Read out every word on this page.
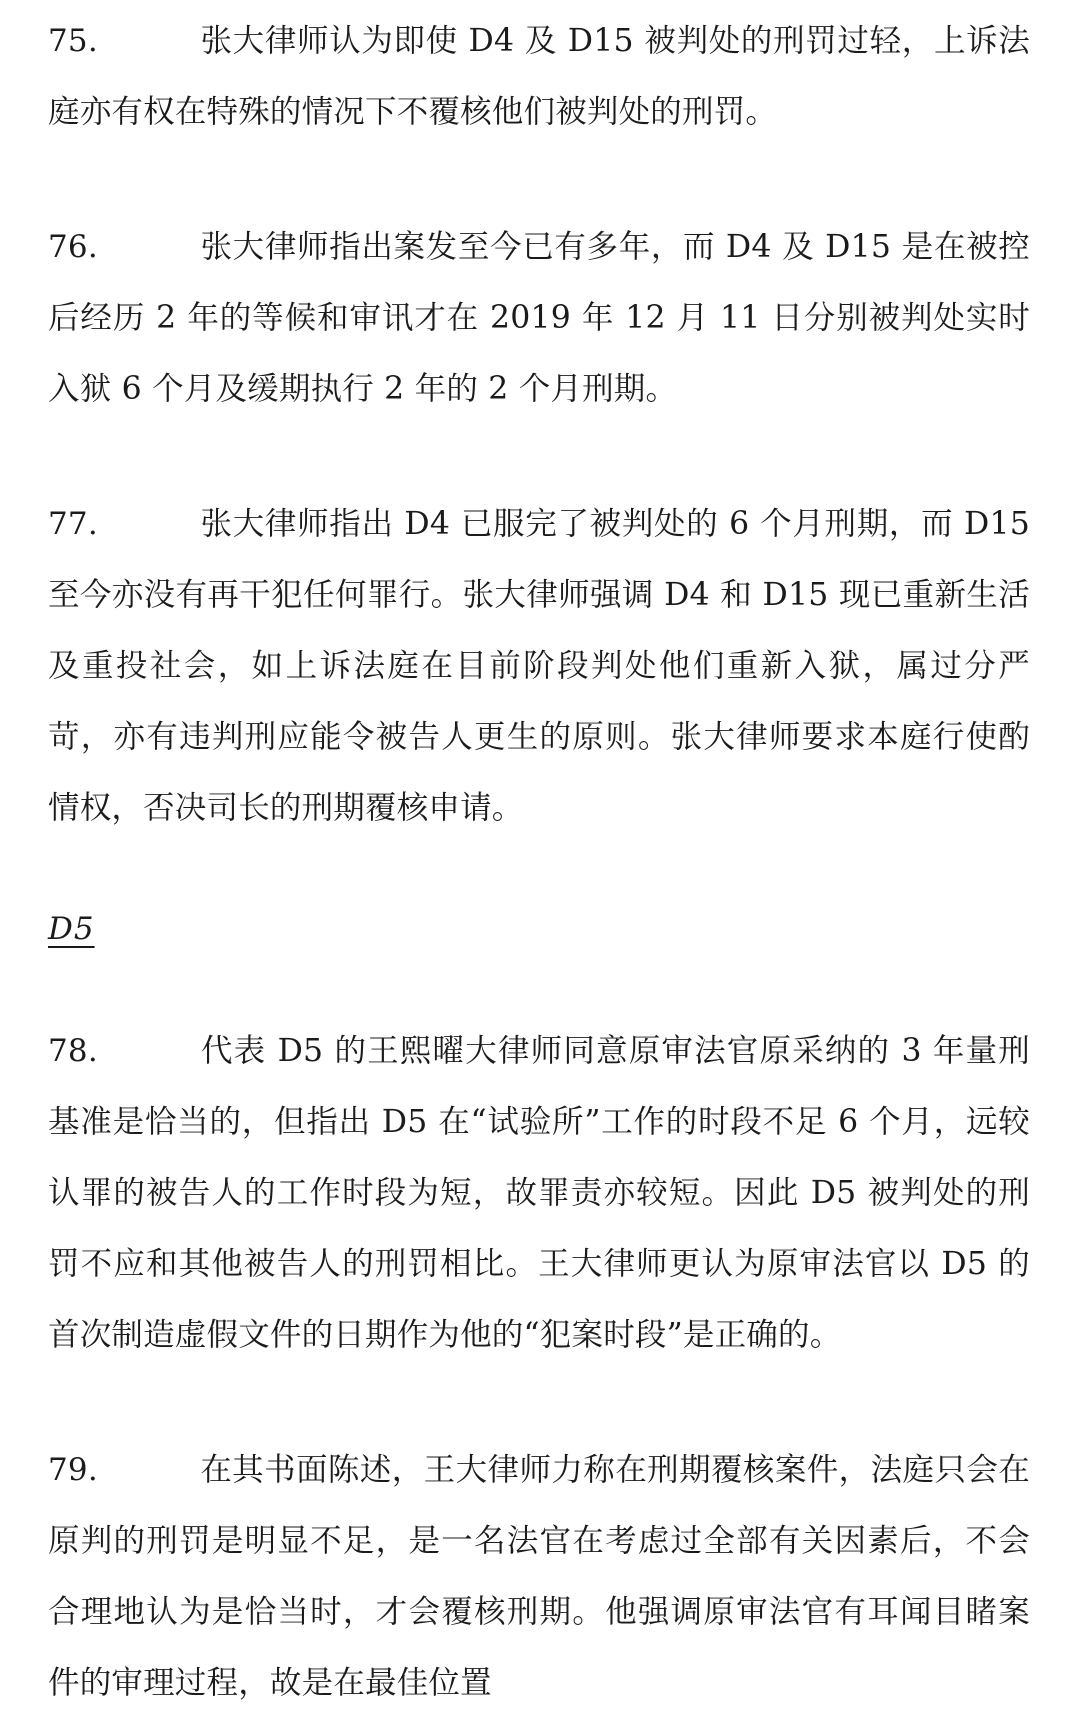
75.	张大律师认为即使 D4 及 D15 被判处的刑罚过轻，上诉法庭亦有权在特殊的情况下不覆核他们被判处的刑罚。

76.	张大律师指出案发至今已有多年，而 D4 及 D15 是在被控后经历 2 年的等候和审讯才在 2019 年 12 月 11 日分别被判处实时入狱 6 个月及缓期执行 2 年的 2 个月刑期。

77.	张大律师指出 D4 已服完了被判处的 6 个月刑期，而 D15 至今亦没有再干犯任何罪行。张大律师强调 D4 和 D15 现已重新生活及重投社会，如上诉法庭在目前阶段判处他们重新入狱，属过分严苛，亦有违判刑应能令被告人更生的原则。张大律师要求本庭行使酌情权，否决司长的刑期覆核申请。

D5

78.	代表 D5 的王熙曜大律师同意原审法官原采纳的 3 年量刑基准是恰当的，但指出 D5 在“试验所”工作的时段不足 6 个月，远较认罪的被告人的工作时段为短，故罪责亦较短。因此 D5 被判处的刑罚不应和其他被告人的刑罚相比。王大律师更认为原审法官以 D5 的首次制造虚假文件的日期作为他的“犯案时段”是正确的。

79.	在其书面陈述，王大律师力称在刑期覆核案件，法庭只会在原判的刑罚是明显不足，是一名法官在考虑过全部有关因素后，不会合理地认为是恰当时，才会覆核刑期。他强调原审法官有耳闻目睹案件的审理过程，故是在最佳位置
